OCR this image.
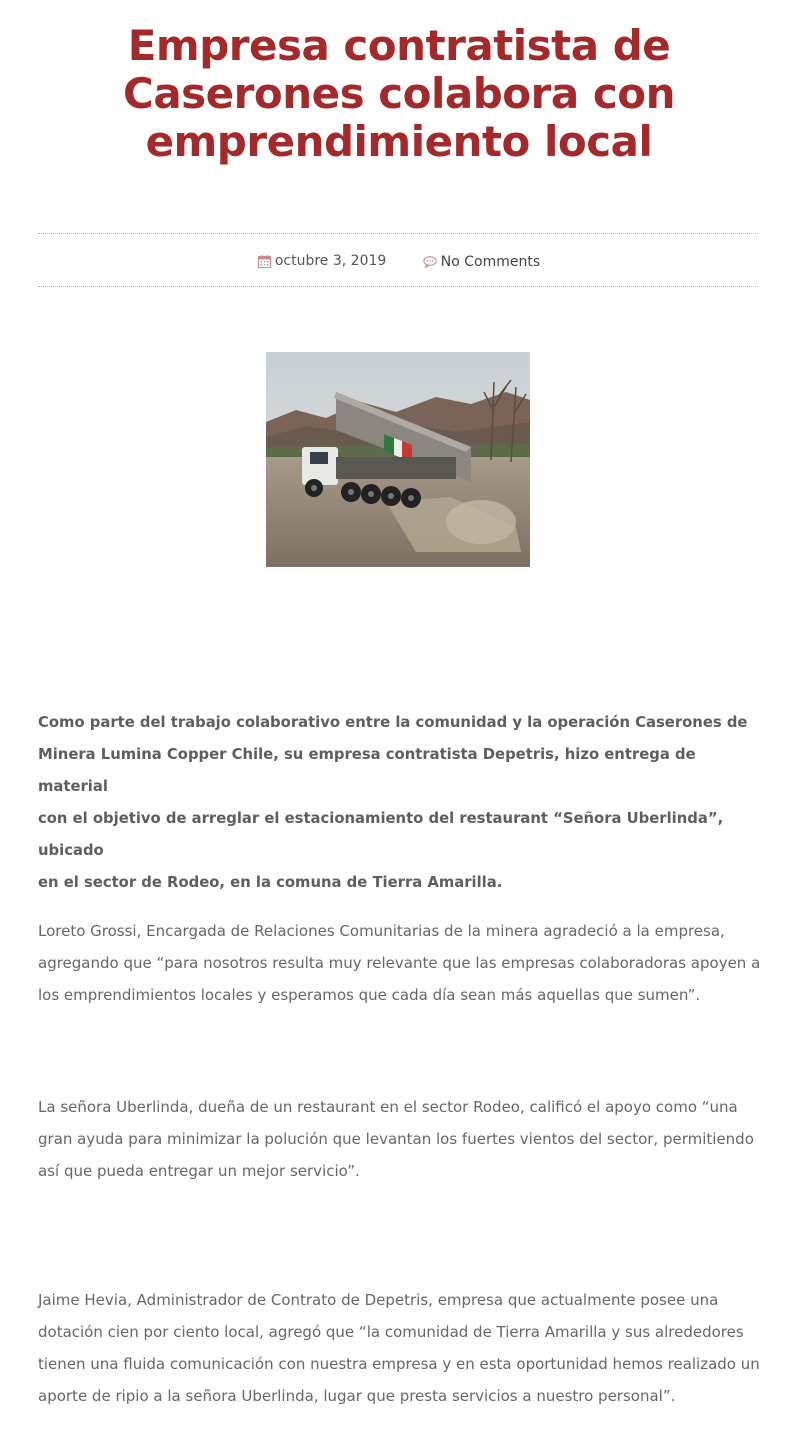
Empresa contratista de
Caserones colabora con
emprendimiento local
octubre 3, 2019
	No Comments
Como parte del trabajo colaborativo entre la comunidad y la operación Caserones de
Minera Lumina Copper Chile, su empresa contratista Depetris, hizo entrega de material
con el objetivo de arreglar el estacionamiento del restaurant “Señora Uberlinda”, ubicado
en el sector de Rodeo, en la comuna de Tierra Amarilla.
Loreto Grossi, Encargada de Relaciones Comunitarias de la minera agradeció a la empresa,
agregando que “para nosotros resulta muy relevante que las empresas colaboradoras apoyen a
los emprendimientos locales y esperamos que cada día sean más aquellas que sumen”.
La señora Uberlinda, dueña de un restaurant en el sector Rodeo, calificó el apoyo como “una
gran ayuda para minimizar la polución que levantan los fuertes vientos del sector, permitiendo
así que pueda entregar un mejor servicio”.
Jaime Hevia, Administrador de Contrato de Depetris, empresa que actualmente posee una
dotación cien por ciento local, agregó que “la comunidad de Tierra Amarilla y sus alrededores
tienen una fluida comunicación con nuestra empresa y en esta oportunidad hemos realizado un
aporte de ripio a la señora Uberlinda, lugar que presta servicios a nuestro personal”.
